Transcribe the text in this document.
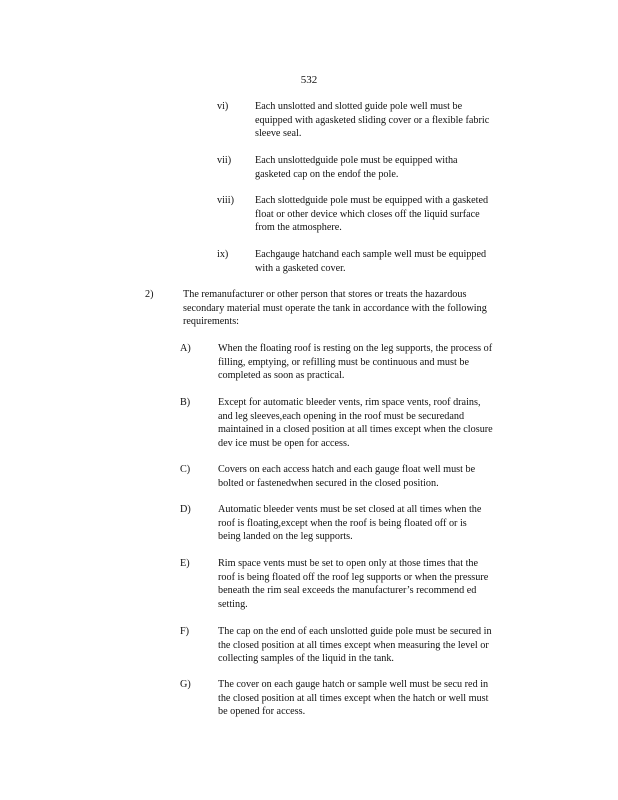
532
vi)	Each unslotted and slotted guide pole well must be
equipped with agasketed sliding cover or a flexible fabric
sleeve seal.
vii)	Each unslottedguide pole must be equipped witha
gasketed cap on the endof the pole.
viii)	Each slottedguide pole must be equipped with a gasketed
float or other device which closes off the liquid surface
from the atmosphere.
ix)	Eachgauge hatchand each sample well must be equipped
with a gasketed cover.
2)	The remanufacturer or other person that stores or treats the hazardous
secondary material must operate the tank in accordance with the following
requirements:
A)	When the floating roof is resting on the leg supports, the process of
filling, emptying, or refilling must be continuous and must be
completed as soon as practical.
B)	Except for automatic bleeder vents, rim space vents, roof drains,
and leg sleeves,each opening in the roof must be securedand
maintained in a closed position at all times except when the closure
dev ice must be open for access.
C)	Covers on each access hatch and each gauge float well must be
bolted or fastenedwhen secured in the closed position.
D)	Automatic bleeder vents must be set closed at all times when the
roof is floating,except when the roof is being floated off or is
being landed on the leg supports.
E)	Rim space vents must be set to open only at those times that the
roof is being floated off the roof leg supports or when the pressure
beneath the rim seal exceeds the manufacturer’s recommend ed
setting.
F)	The cap on the end of each unslotted guide pole must be secured in
the closed position at all times except when measuring the level or
collecting samples of the liquid in the tank.
G)	The cover on each gauge hatch or sample well must be secu red in
the closed position at all times except when the hatch or well must
be opened for access.
